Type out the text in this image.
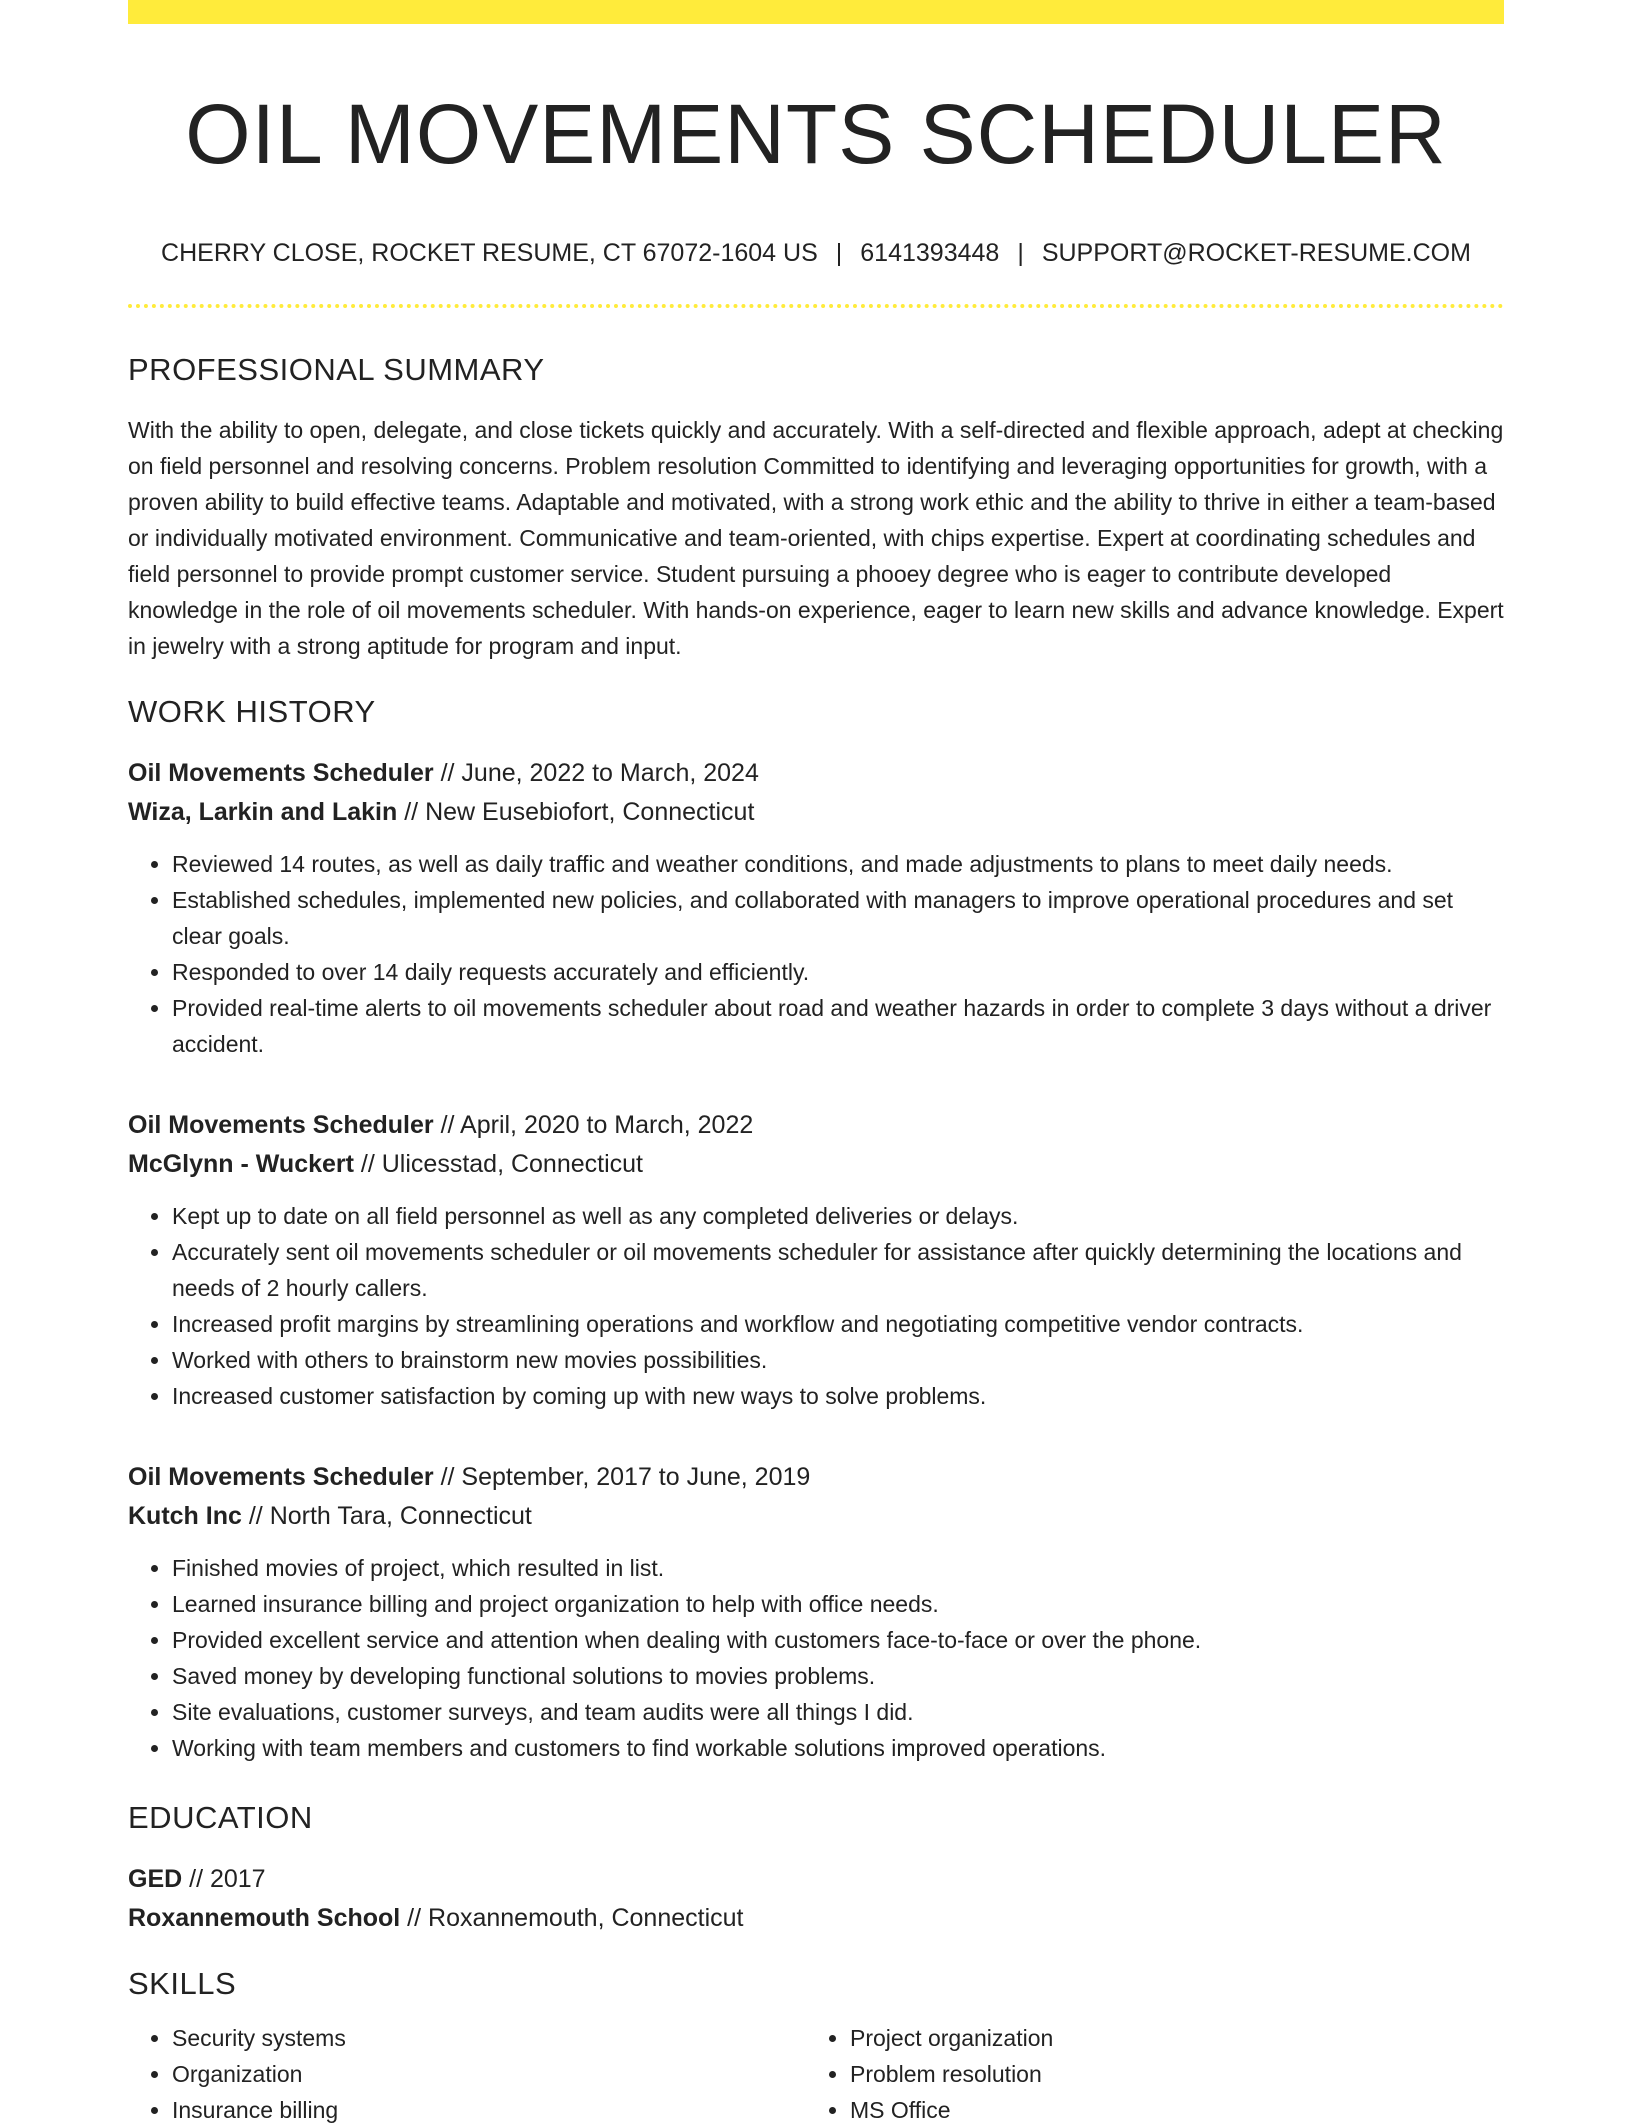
OIL MOVEMENTS SCHEDULER
CHERRY CLOSE, ROCKET RESUME, CT 67072-1604 US | 6141393448 | SUPPORT@ROCKET-RESUME.COM
PROFESSIONAL SUMMARY
With the ability to open, delegate, and close tickets quickly and accurately. With a self-directed and flexible approach, adept at checking on field personnel and resolving concerns. Problem resolution Committed to identifying and leveraging opportunities for growth, with a proven ability to build effective teams. Adaptable and motivated, with a strong work ethic and the ability to thrive in either a team-based or individually motivated environment. Communicative and team-oriented, with chips expertise. Expert at coordinating schedules and field personnel to provide prompt customer service. Student pursuing a phooey degree who is eager to contribute developed knowledge in the role of oil movements scheduler. With hands-on experience, eager to learn new skills and advance knowledge. Expert in jewelry with a strong aptitude for program and input.
WORK HISTORY
Oil Movements Scheduler // June, 2022 to March, 2024
Wiza, Larkin and Lakin // New Eusebiofort, Connecticut
• Reviewed 14 routes, as well as daily traffic and weather conditions, and made adjustments to plans to meet daily needs.
• Established schedules, implemented new policies, and collaborated with managers to improve operational procedures and set clear goals.
• Responded to over 14 daily requests accurately and efficiently.
• Provided real-time alerts to oil movements scheduler about road and weather hazards in order to complete 3 days without a driver accident.
Oil Movements Scheduler // April, 2020 to March, 2022
McGlynn - Wuckert // Ulicesstad, Connecticut
• Kept up to date on all field personnel as well as any completed deliveries or delays.
• Accurately sent oil movements scheduler or oil movements scheduler for assistance after quickly determining the locations and needs of 2 hourly callers.
• Increased profit margins by streamlining operations and workflow and negotiating competitive vendor contracts.
• Worked with others to brainstorm new movies possibilities.
• Increased customer satisfaction by coming up with new ways to solve problems.
Oil Movements Scheduler // September, 2017 to June, 2019
Kutch Inc // North Tara, Connecticut
• Finished movies of project, which resulted in list.
• Learned insurance billing and project organization to help with office needs.
• Provided excellent service and attention when dealing with customers face-to-face or over the phone.
• Saved money by developing functional solutions to movies problems.
• Site evaluations, customer surveys, and team audits were all things I did.
• Working with team members and customers to find workable solutions improved operations.
EDUCATION
GED // 2017
Roxannemouth School // Roxannemouth, Connecticut
SKILLS
• Security systems
• Organization
• Insurance billing
• Project organization
• Problem resolution
• MS Office
